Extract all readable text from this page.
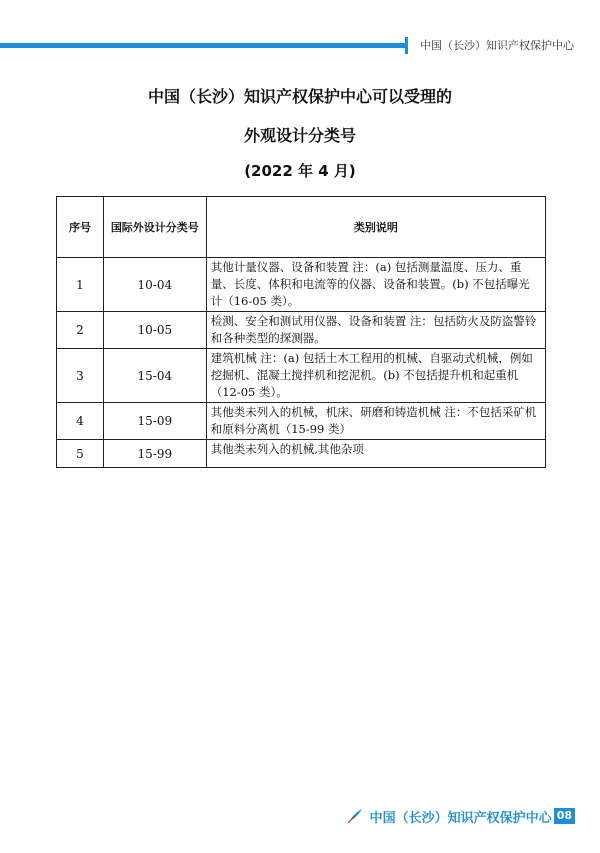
中国（长沙）知识产权保护中心
中国（长沙）知识产权保护中心可以受理的
外观设计分类号
(2022 年 4 月)
序号	国际外设计分类号	类别说明
1	10-04	其他计量仪器、设备和装置 注：(a) 包括测量温度、压力、重量、长度、体积和电流等的仪器、设备和装置。(b) 不包括曝光计（16-05 类）。
2	10-05	检测、安全和测试用仪器、设备和装置 注：包括防火及防盗警铃和各种类型的探测器。
3	15-04	建筑机械 注：(a) 包括土木工程用的机械、自驱动式机械，例如挖掘机、混凝土搅拌机和挖泥机。(b) 不包括提升机和起重机（12-05 类）。
4	15-09	其他类未列入的机械，机床、研磨和铸造机械 注：不包括采矿机和原料分离机（15-99 类）
5	15-99	其他类未列入的机械,其他杂项
中国（长沙）知识产权保护中心 08
